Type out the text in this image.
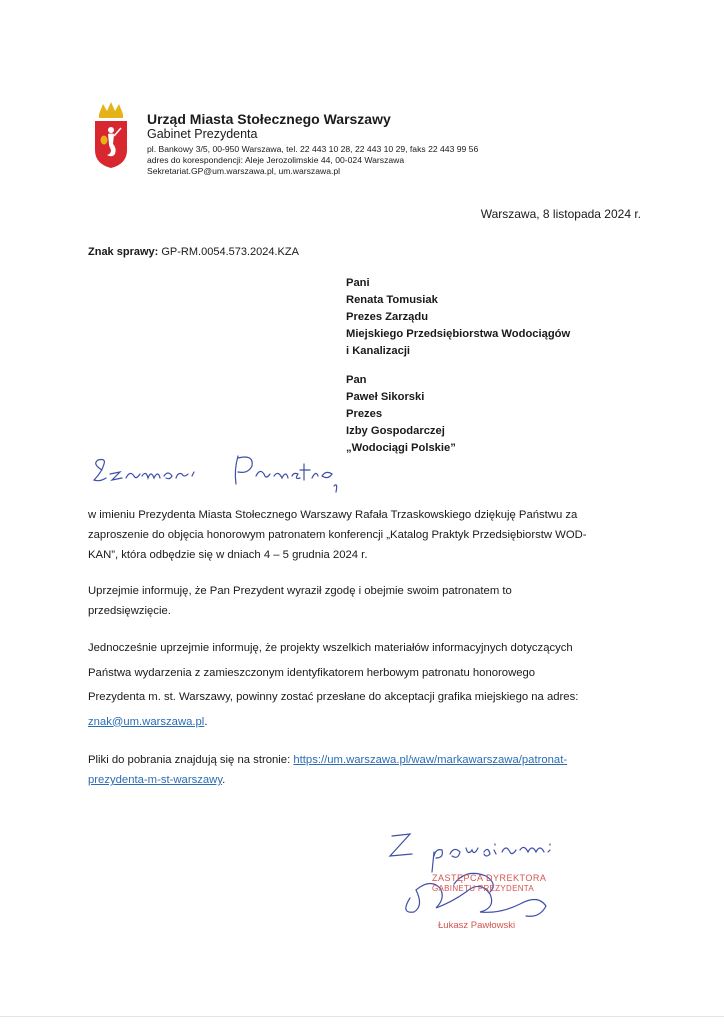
Urząd Miasta Stołecznego Warszawy
Gabinet Prezydenta
pl. Bankowy 3/5, 00-950 Warszawa, tel. 22 443 10 28, 22 443 10 29, faks 22 443 99 56
adres do korespondencji: Aleje Jerozolimskie 44, 00-024 Warszawa
Sekretariat.GP@um.warszawa.pl, um.warszawa.pl
Warszawa, 8 listopada 2024 r.
Znak sprawy: GP-RM.0054.573.2024.KZA
Pani
Renata Tomusiak
Prezes Zarządu
Miejskiego Przedsiębiorstwa Wodociągów
i Kanalizacji
Pan
Paweł Sikorski
Prezes
Izby Gospodarczej
„Wodociągi Polskie”
w imieniu Prezydenta Miasta Stołecznego Warszawy Rafała Trzaskowskiego dziękuję Państwu za
zaproszenie do objęcia honorowym patronatem konferencji „Katalog Praktyk Przedsiębiorstw WOD-
KAN”, która odbędzie się w dniach 4 – 5 grudnia 2024 r.
Uprzejmie informuję, że Pan Prezydent wyraził zgodę i obejmie swoim patronatem to
przedsięwzięcie.
Jednocześnie uprzejmie informuję, że projekty wszelkich materiałów informacyjnych dotyczących
Państwa wydarzenia z zamieszczonym identyfikatorem herbowym patronatu honorowego
Prezydenta m. st. Warszawy, powinny zostać przesłane do akceptacji grafika miejskiego na adres:
znak@um.warszawa.pl.
Pliki do pobrania znajdują się na stronie: https://um.warszawa.pl/waw/markawarszawa/patronat-
prezydenta-m-st-warszawy.
ZASTĘPCA DYREKTORA
GABINETU PREZYDENTA
Łukasz Pawłowski
